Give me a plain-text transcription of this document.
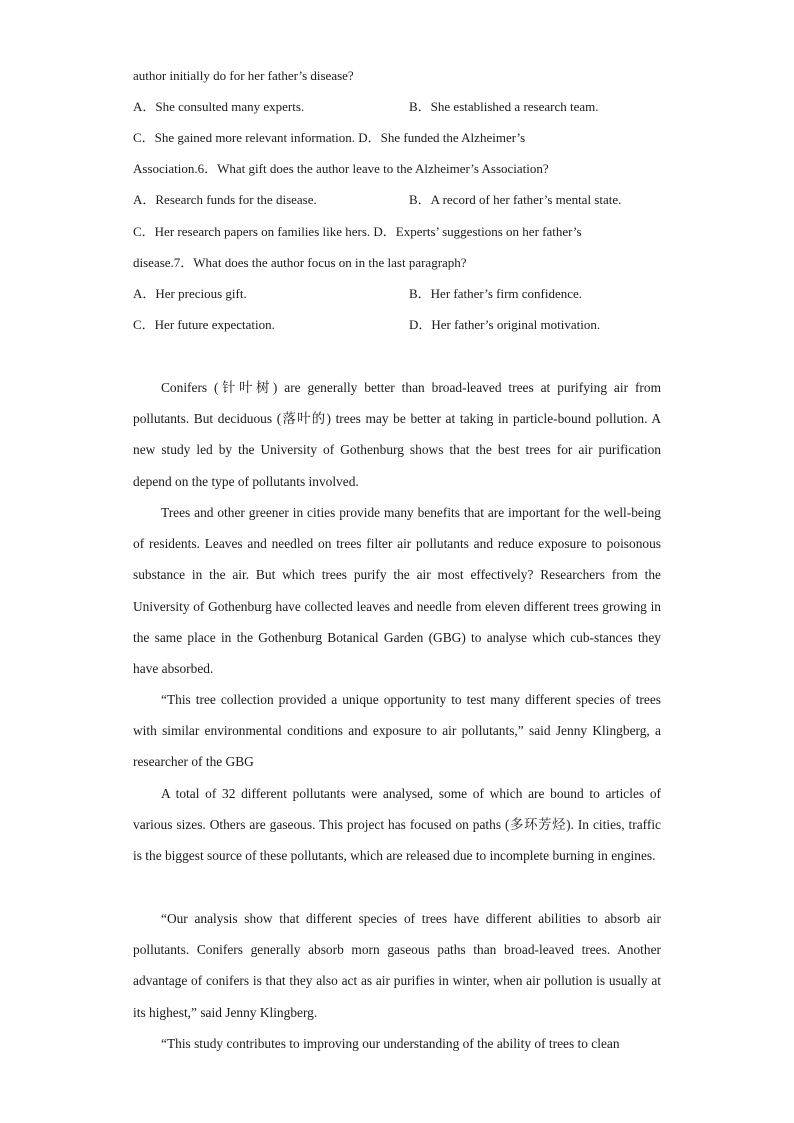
author initially do for her father’s disease?
A．She consulted many experts.	B．She established a research team.
C．She gained more relevant information. D．She funded the Alzheimer’s
Association.6．What gift does the author leave to the Alzheimer’s Association?
A．Research funds for the disease.	B．A record of her father’s mental state.
C．Her research papers on families like hers. D．Experts’ suggestions on her father’s
disease.7．What does the author focus on in the last paragraph?
A．Her precious gift.	B．Her father’s firm confidence.
C．Her future expectation.	D．Her father’s original motivation.

Conifers (针叶树) are generally better than broad-leaved trees at purifying air from pollutants. But deciduous (落叶的) trees may be better at taking in particle-bound pollution. A new study led by the University of Gothenburg shows that the best trees for air purification depend on the type of pollutants involved.

Trees and other greener in cities provide many benefits that are important for the well-being of residents. Leaves and needled on trees filter air pollutants and reduce exposure to poisonous substance in the air. But which trees purify the air most effectively? Researchers from the University of Gothenburg have collected leaves and needle from eleven different trees growing in the same place in the Gothenburg Botanical Garden (GBG) to analyse which cub-stances they have absorbed.

“This tree collection provided a unique opportunity to test many different species of trees with similar environmental conditions and exposure to air pollutants,” said Jenny Klingberg, a researcher of the GBG

A total of 32 different pollutants were analysed, some of which are bound to articles of various sizes. Others are gaseous. This project has focused on paths (多环芳烃). In cities, traffic is the biggest source of these pollutants, which are released due to incomplete burning in engines.

“Our analysis show that different species of trees have different abilities to absorb air pollutants. Conifers generally absorb morn gaseous paths than broad-leaved trees. Another advantage of conifers is that they also act as air purifies in winter, when air pollution is usually at its highest,” said Jenny Klingberg.

“This study contributes to improving our understanding of the ability of trees to clean
